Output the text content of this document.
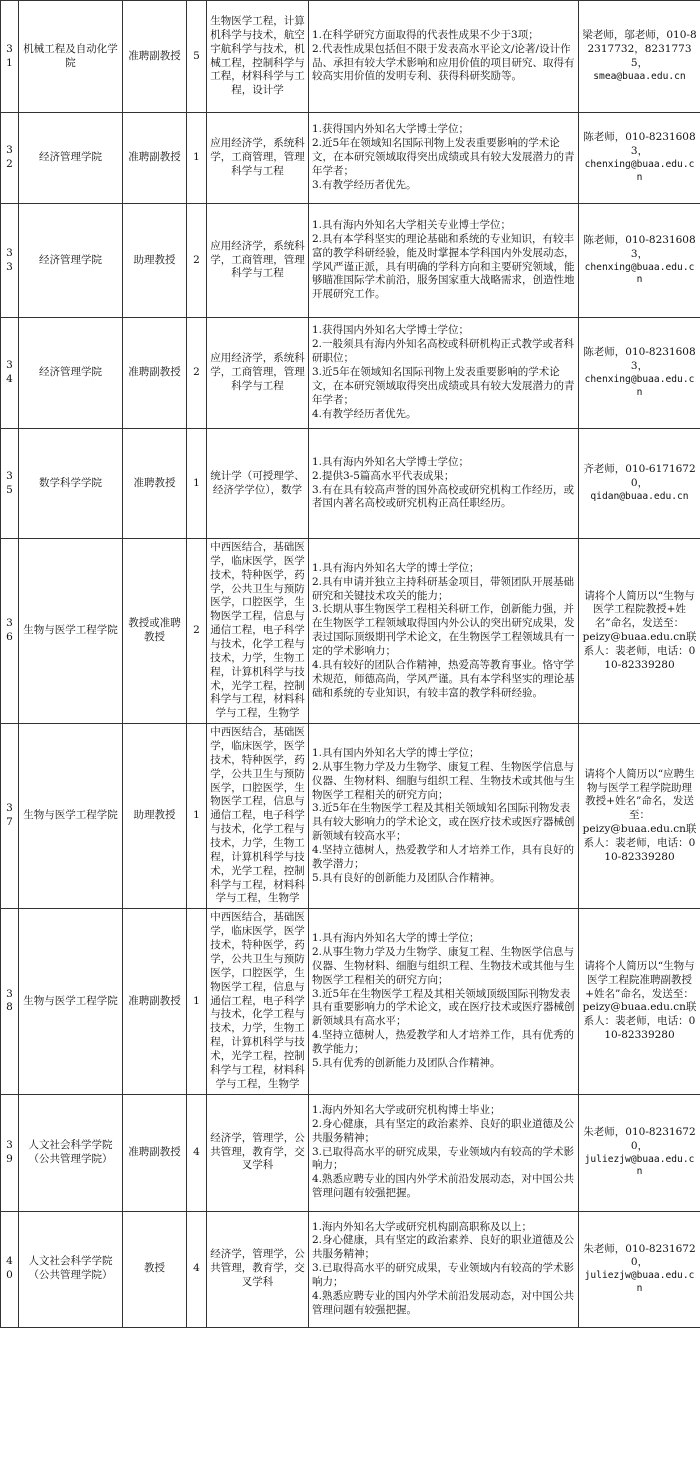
31	机械工程及自动化学院	准聘副教授	5	生物医学工程，计算机科学与技术，航空宇航科学与技术，机械工程，控制科学与工程，材料科学与工程，设计学	1.在科学研究方面取得的代表性成果不少于3项；
2.代表性成果包括但不限于发表高水平论文/论著/设计作品、承担有较大学术影响和应用价值的项目研究、取得有较高实用价值的发明专利、获得科研奖励等。	梁老师，邬老师，010-82317732，82317735，
smea@buaa.edu.cn

32	经济管理学院	准聘副教授	1	应用经济学，系统科学，工商管理，管理科学与工程	1.获得国内外知名大学博士学位；
2.近5年在领域知名国际刊物上发表重要影响的学术论文，在本研究领域取得突出成绩或具有较大发展潜力的青年学者；
3.有教学经历者优先。	陈老师，010-82316083，
chenxing@buaa.edu.cn

33	经济管理学院	助理教授	2	应用经济学，系统科学，工商管理，管理科学与工程	1.具有海内外知名大学相关专业博士学位；
2.具有本学科坚实的理论基础和系统的专业知识，有较丰富的教学科研经验，能及时掌握本学科国内外发展动态，学风严谨正派，具有明确的学科方向和主要研究领域，能够瞄准国际学术前沿，服务国家重大战略需求，创造性地开展研究工作。	陈老师，010-82316083，
chenxing@buaa.edu.cn

34	经济管理学院	准聘副教授	2	应用经济学，系统科学，工商管理，管理科学与工程	1.获得国内外知名大学博士学位；
2.一般须具有海内外知名高校或科研机构正式教学或者科研职位；
3.近5年在领域知名国际刊物上发表重要影响的学术论文，在本研究领域取得突出成绩或具有较大发展潜力的青年学者；
4.有教学经历者优先。	陈老师，010-82316083，
chenxing@buaa.edu.cn

35	数学科学学院	准聘教授	1	统计学（可授理学、经济学学位），数学	1.具有海内外知名大学博士学位；
2.提供3-5篇高水平代表成果；
3.有在具有较高声誉的国外高校或研究机构工作经历，或者国内著名高校或研究机构正高任职经历。	齐老师，010-61716720，
qidan@buaa.edu.cn

36	生物与医学工程学院	教授或准聘教授	2	中西医结合，基础医学，临床医学，医学技术，特种医学，药学，公共卫生与预防医学，口腔医学，生物医学工程，信息与通信工程，电子科学与技术，化学工程与技术，力学，生物工程，计算机科学与技术，光学工程，控制科学与工程，材料科学与工程，生物学	1.具有海内外知名大学的博士学位；
2.具有申请并独立主持科研基金项目，带领团队开展基础研究和关键技术攻关的能力；
3.长期从事生物医学工程相关科研工作，创新能力强，并在生物医学工程领域取得国内外公认的突出研究成果，发表过国际顶级期刊学术论文，在生物医学工程领域具有一定的学术影响力；
4.具有较好的团队合作精神，热爱高等教育事业。恪守学术规范，师德高尚，学风严谨。具有本学科坚实的理论基础和系统的专业知识，有较丰富的教学科研经验。	请将个人简历以“生物与医学工程院教授+姓名”命名，发送至：
peizy@buaa.edu.cn联系人：裴老师，电话：010-82339280

37	生物与医学工程学院	助理教授	1	中西医结合，基础医学，临床医学，医学技术，特种医学，药学，公共卫生与预防医学，口腔医学，生物医学工程，信息与通信工程，电子科学与技术，化学工程与技术，力学，生物工程，计算机科学与技术，光学工程，控制科学与工程，材料科学与工程，生物学	1.具有国内外知名大学的博士学位；
2.从事生物力学及力生物学、康复工程、生物医学信息与仪器、生物材料、细胞与组织工程、生物技术或其他与生物医学工程相关的研究方向；
3.近5年在生物医学工程及其相关领域知名国际刊物发表具有较大影响力的学术论文，或在医疗技术或医疗器械创新领域有较高水平；
4.坚持立德树人，热爱教学和人才培养工作，具有良好的教学潜力；
5.具有良好的创新能力及团队合作精神。	请将个人简历以“应聘生物与医学工程学院助理教授+姓名”命名，发送至：
peizy@buaa.edu.cn联系人：裴老师，电话：010-82339280

38	生物与医学工程学院	准聘副教授	1	中西医结合，基础医学，临床医学，医学技术，特种医学，药学，公共卫生与预防医学，口腔医学，生物医学工程，信息与通信工程，电子科学与技术，化学工程与技术，力学，生物工程，计算机科学与技术，光学工程，控制科学与工程，材料科学与工程，生物学	1.具有海内外知名大学的博士学位；
2.从事生物力学及力生物学、康复工程、生物医学信息与仪器、生物材料、细胞与组织工程、生物技术或其他与生物医学工程相关的研究方向；
3.近5年在生物医学工程及其相关领域顶级国际刊物发表具有重要影响力的学术论文，或在医疗技术或医疗器械创新领域具有高水平；
4.坚持立德树人，热爱教学和人才培养工作，具有优秀的教学能力；
5.具有优秀的创新能力及团队合作精神。	请将个人简历以“生物与医学工程院准聘副教授+姓名”命名，发送至：
peizy@buaa.edu.cn联系人：裴老师，电话：010-82339280

39	人文社会科学学院（公共管理学院）	准聘副教授	4	经济学，管理学，公共管理，教育学，交叉学科	1.海内外知名大学或研究机构博士毕业；
2.身心健康，具有坚定的政治素养、良好的职业道德及公共服务精神；
3.已取得高水平的研究成果，专业领域内有较高的学术影响力；
4.熟悉应聘专业的国内外学术前沿发展动态，对中国公共管理问题有较强把握。	朱老师，010-82316720，
juliezjw@buaa.edu.cn

40	人文社会科学学院（公共管理学院）	教授	4	经济学，管理学，公共管理，教育学，交叉学科	1.海内外知名大学或研究机构副高职称及以上；
2.身心健康，具有坚定的政治素养、良好的职业道德及公共服务精神；
3.已取得高水平的研究成果，专业领域内有较高的学术影响力；
4.熟悉应聘专业的国内外学术前沿发展动态，对中国公共管理问题有较强把握。	朱老师，010-82316720，
juliezjw@buaa.edu.cn
